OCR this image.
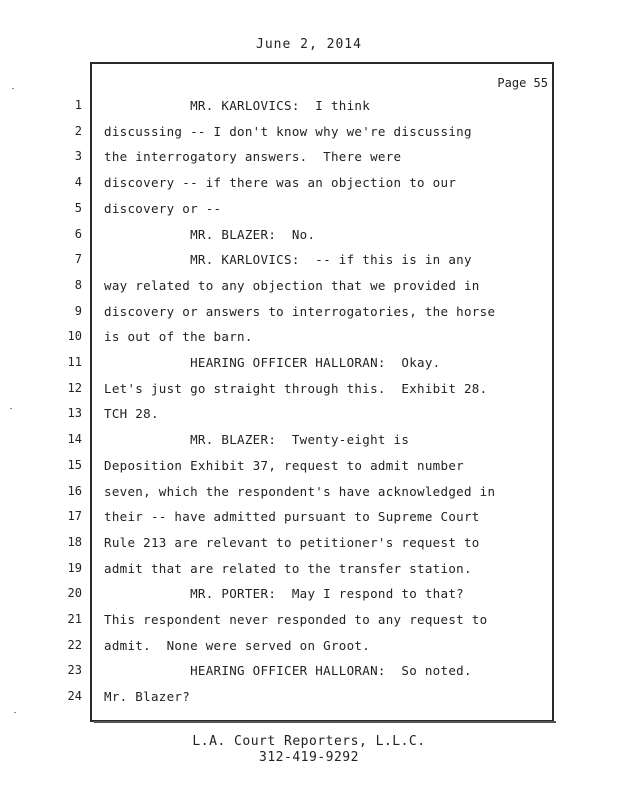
June 2, 2014
Page 55
1 MR. KARLOVICS:  I think
2 discussing -- I don't know why we're discussing
3 the interrogatory answers.  There were
4 discovery -- if there was an objection to our
5 discovery or --
6 MR. BLAZER:  No.
7 MR. KARLOVICS:  -- if this is in any
8 way related to any objection that we provided in
9 discovery or answers to interrogatories, the horse
10 is out of the barn.
11 HEARING OFFICER HALLORAN:  Okay.
12 Let's just go straight through this.  Exhibit 28.
13 TCH 28.
14 MR. BLAZER:  Twenty-eight is
15 Deposition Exhibit 37, request to admit number
16 seven, which the respondent's have acknowledged in
17 their -- have admitted pursuant to Supreme Court
18 Rule 213 are relevant to petitioner's request to
19 admit that are related to the transfer station.
20 MR. PORTER:  May I respond to that?
21 This respondent never responded to any request to
22 admit.  None were served on Groot.
23 HEARING OFFICER HALLORAN:  So noted.
24 Mr. Blazer?
L.A. Court Reporters, L.L.C.
312-419-9292
